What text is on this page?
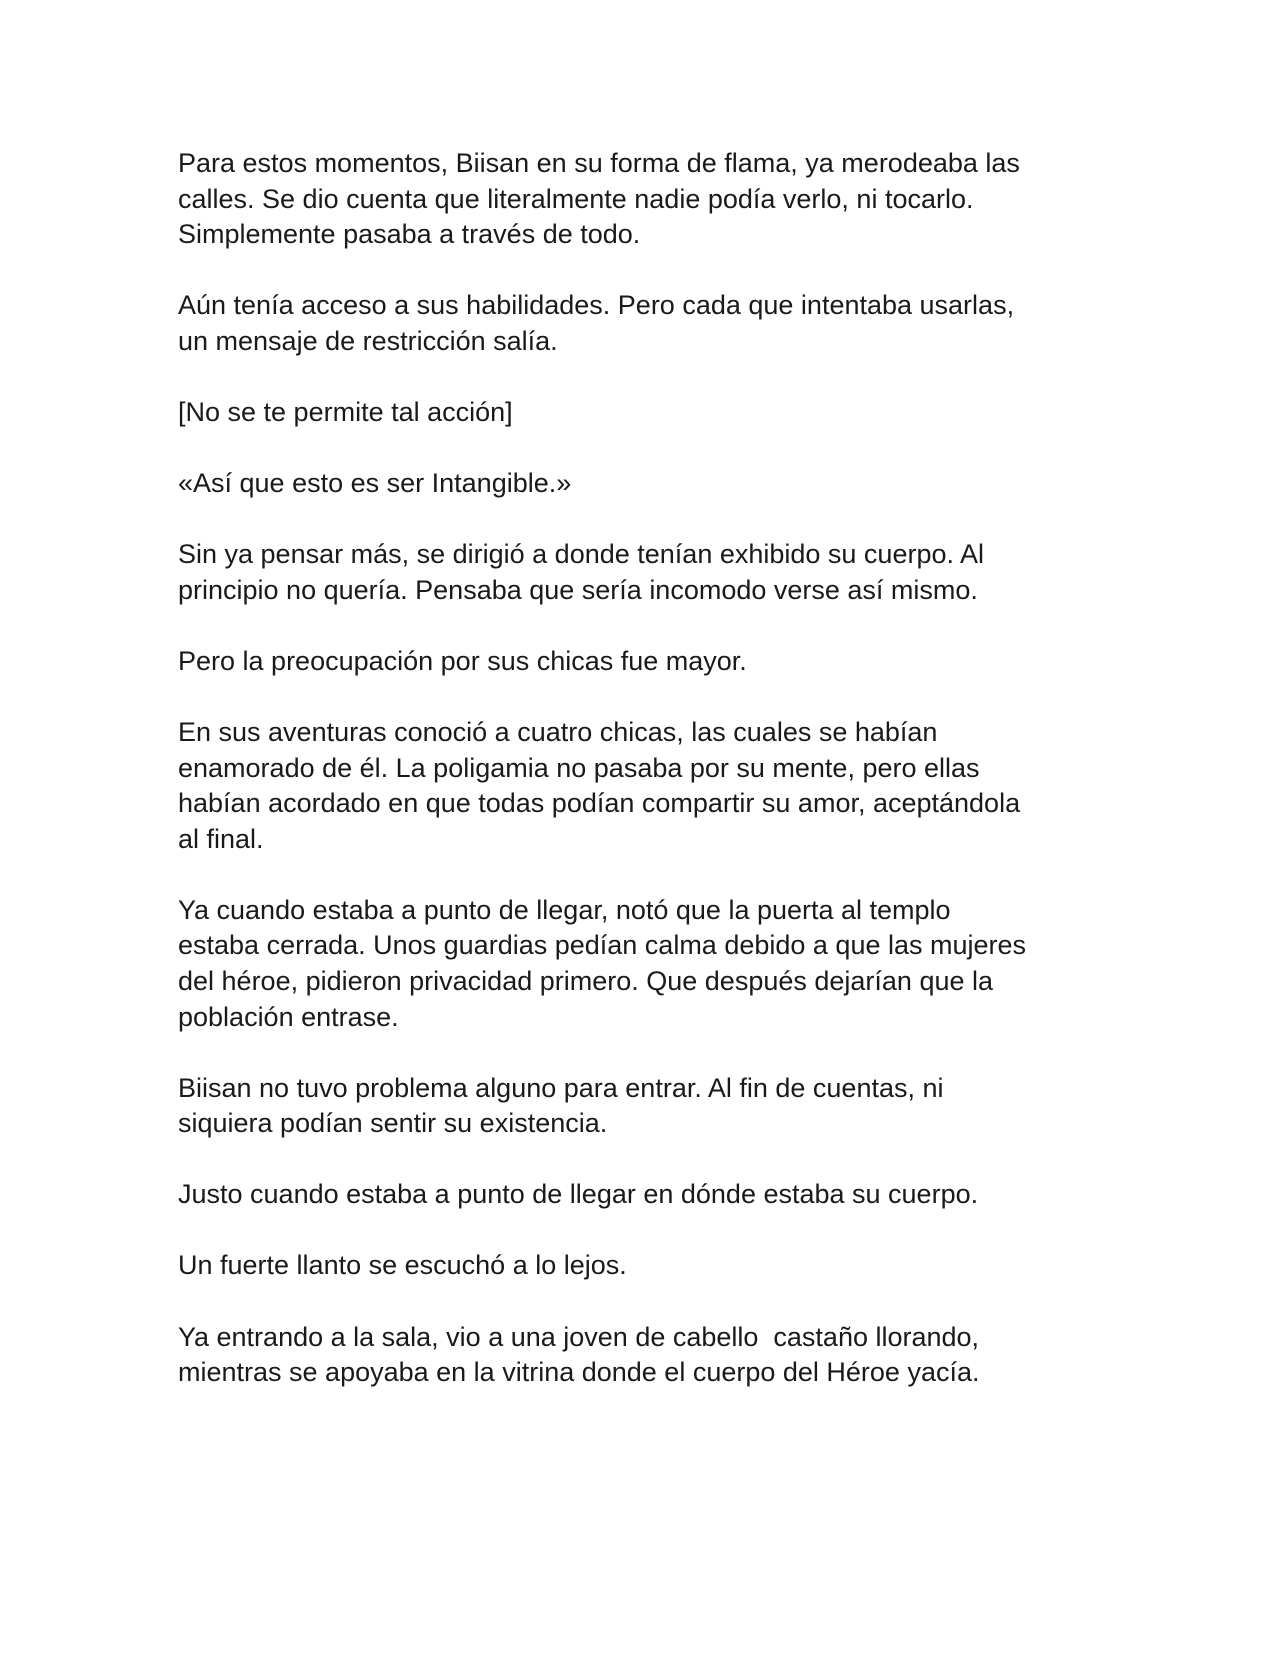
Para estos momentos, Biisan en su forma de flama, ya merodeaba las
calles. Se dio cuenta que literalmente nadie podía verlo, ni tocarlo.
Simplemente pasaba a través de todo.

Aún tenía acceso a sus habilidades. Pero cada que intentaba usarlas,
un mensaje de restricción salía.

[No se te permite tal acción]

«Así que esto es ser Intangible.»

Sin ya pensar más, se dirigió a donde tenían exhibido su cuerpo. Al
principio no quería. Pensaba que sería incomodo verse así mismo.

Pero la preocupación por sus chicas fue mayor.

En sus aventuras conoció a cuatro chicas, las cuales se habían
enamorado de él. La poligamia no pasaba por su mente, pero ellas
habían acordado en que todas podían compartir su amor, aceptándola
al final.

Ya cuando estaba a punto de llegar, notó que la puerta al templo
estaba cerrada. Unos guardias pedían calma debido a que las mujeres
del héroe, pidieron privacidad primero. Que después dejarían que la
población entrase.

Biisan no tuvo problema alguno para entrar. Al fin de cuentas, ni
siquiera podían sentir su existencia.

Justo cuando estaba a punto de llegar en dónde estaba su cuerpo.

Un fuerte llanto se escuchó a lo lejos.

Ya entrando a la sala, vio a una joven de cabello  castaño llorando,
mientras se apoyaba en la vitrina donde el cuerpo del Héroe yacía.
